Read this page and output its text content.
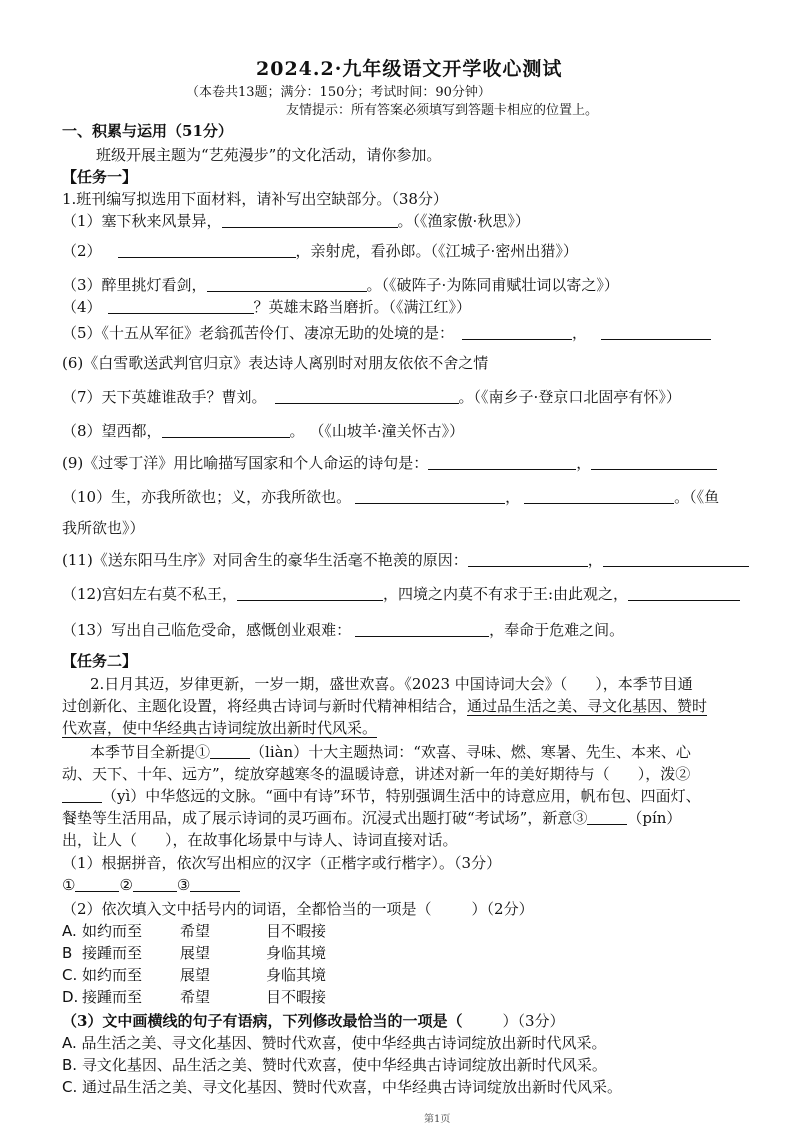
2024.2·九年级语文开学收心测试
（本卷共13题；满分：150分；考试时间：90分钟）
友情提示：所有答案必须填写到答题卡相应的位置上。
一、积累与运用（51分）
班级开展主题为“艺苑漫步”的文化活动，请你参加。
【任务一】
1.班刊编写拟选用下面材料，请补写出空缺部分。（38分）
（1）塞下秋来风景异，	。（《渔家傲·秋思》）
（2）	，亲射虎，看孙郎。（《江城子·密州出猎》）
（3）醉里挑灯看剑，	。（《破阵子·为陈同甫赋壮词以寄之》）
（4）	？英雄末路当磨折。（《满江红》）
（5）《十五从军征》老翁孤苦伶仃、凄凉无助的处境的是：	，
(6)《白雪歌送武判官归京》表达诗人离别时对朋友依依不舍之情
（7）天下英雄谁敌手？曹刘。	。（《南乡子·登京口北固亭有怀》）
（8）望西都，	。 （《山坡羊·潼关怀古》）
(9)《过零丁洋》用比喻描写国家和个人命运的诗句是：	，
（10）生，亦我所欲也；义，亦我所欲也。	，	。（《鱼
我所欲也》）
(11)《送东阳马生序》对同舍生的豪华生活毫不艳羡的原因：	，
（12)宫妇左右莫不私王，	，四境之内莫不有求于王:由此观之，
（13）写出自己临危受命，感慨创业艰难：	，奉命于危难之间。
【任务二】
2.日月其迈，岁律更新，一岁一期，盛世欢喜。《2023 中国诗词大会》（ ），本季节目通
过创新化、主题化设置，将经典古诗词与新时代精神相结合，通过品生活之美、寻文化基因、赞时
代欢喜，使中华经典古诗词绽放出新时代风采。
本季节目全新提①	（liàn）十大主题热词：“欢喜、寻味、燃、寒暑、先生、本来、心
动、天下、十年、远方”，绽放穿越寒冬的温暖诗意，讲述对新一年的美好期待与（ ），泼②
（yì）中华悠远的文脉。“画中有诗”环节，特别强调生活中的诗意应用，帆布包、四面灯、
餐垫等生活用品，成了展示诗词的灵巧画布。沉浸式出题打破“考试场”，新意③	（pín）
出，让人（ ），在故事化场景中与诗人、诗词直接对话。
（1）根据拼音，依次写出相应的汉字（正楷字或行楷字）。（3分）
①	②	③
（2）依次填入文中括号内的词语，全都恰当的一项是（	）（2分）
A. 如约而至	希望	目不暇接
B 接踵而至	展望	身临其境
C. 如约而至	展望	身临其境
D. 接踵而至	希望	目不暇接
（3）文中画横线的句子有语病，下列修改最恰当的一项是（	）（3分）
A. 品生活之美、寻文化基因、赞时代欢喜，使中华经典古诗词绽放出新时代风采。
B. 寻文化基因、品生活之美、赞时代欢喜，使中华经典古诗词绽放出新时代风采。
C. 通过品生活之美、寻文化基因、赞时代欢喜，中华经典古诗词绽放出新时代风采。
第1页
